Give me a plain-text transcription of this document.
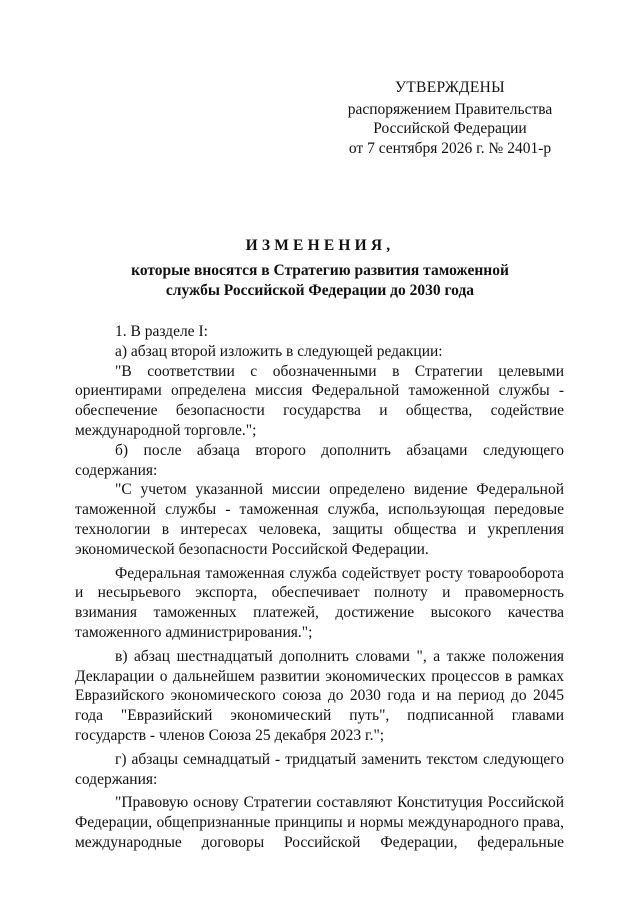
УТВЕРЖДЕНЫ
распоряжением Правительства
Российской Федерации
от 7 сентября 2026 г. № 2401-р
ИЗМЕНЕНИЯ,
которые вносятся в Стратегию развития таможенной
службы Российской Федерации до 2030 года

1. В разделе I:

а) абзац второй изложить в следующей редакции:

"В соответствии с обозначенными в Стратегии целевыми ориентирами определена миссия Федеральной таможенной службы - обеспечение безопасности государства и общества, содействие международной торговле.";

б) после абзаца второго дополнить абзацами следующего содержания:

"С учетом указанной миссии определено видение Федеральной таможенной службы - таможенная служба, использующая передовые технологии в интересах человека, защиты общества и укрепления экономической безопасности Российской Федерации.

Федеральная таможенная служба содействует росту товарооборота и несырьевого экспорта, обеспечивает полноту и правомерность взимания таможенных платежей, достижение высокого качества таможенного администрирования.";

в) абзац шестнадцатый дополнить словами ", а также положения Декларации о дальнейшем развитии экономических процессов в рамках Евразийского экономического союза до 2030 года и на период до 2045 года "Евразийский экономический путь", подписанной главами государств - членов Союза 25 декабря 2023 г.";

г) абзацы семнадцатый - тридцатый заменить текстом следующего содержания:

"Правовую основу Стратегии составляют Конституция Российской Федерации, общепризнанные принципы и нормы международного права, международные договоры Российской Федерации, федеральные
